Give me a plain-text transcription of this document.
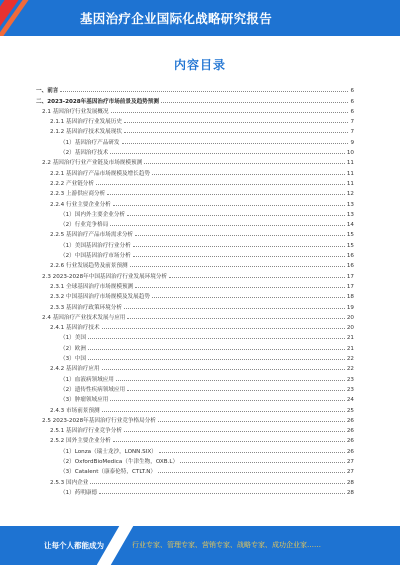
基因治疗企业国际化战略研究报告
内容目录
一、前言	6
二、2023-2028年基因治疗市场前景及趋势预测	6
2.1 基因治疗行业发展概况	6
2.1.1 基因治疗行业发展历史	7
2.1.2 基因治疗技术发展现状	7
（1）基因治疗产品研发	9
（2）基因治疗技术	10
2.2 基因治疗行业产业链及市场规模预测	11
2.2.1 基因治疗产品市场规模及增长趋势	11
2.2.2 产业链分析	11
2.2.3 上游供应商分析	12
2.2.4 行业主要企业分析	13
（1）国内外主要企业分析	13
（2）行业竞争格局	14
2.2.5 基因治疗产品市场需求分析	15
（1）美国基因治疗行业分析	15
（2）中国基因治疗市场分析	16
2.2.6 行业发展趋势及前景预测	16
2.3 2023-2028年中国基因治疗行业发展环境分析	17
2.3.1 全球基因治疗市场规模预测	17
2.3.2 中国基因治疗市场规模及发展趋势	18
2.3.3 基因治疗政策环境分析	19
2.4 基因治疗产业技术发展与应用	20
2.4.1 基因治疗技术	20
（1）美国	21
（2）欧洲	21
（3）中国	22
2.4.2 基因治疗应用	22
（1）血液病领域应用	23
（2）遗传性疾病领域应用	23
（3）肿瘤领域应用	24
2.4.3 市场前景预测	25
2.5 2023-2028年基因治疗行业竞争格局分析	26
2.5.1 基因治疗行业竞争分析	26
2.5.2 国外主要企业分析	26
（1）Lonza（瑞士龙沙，LONN.SIX）	26
（2）OxfordBioMedica（牛津生物，OXB.L）	27
（3）Catalent（康泰伦特，CTLT.N）	27
2.5.3 国内企业	28
（1）药明康德	28
让每个人都能成为	行业专家、管理专家、营销专家、战略专家、成功企业家……
